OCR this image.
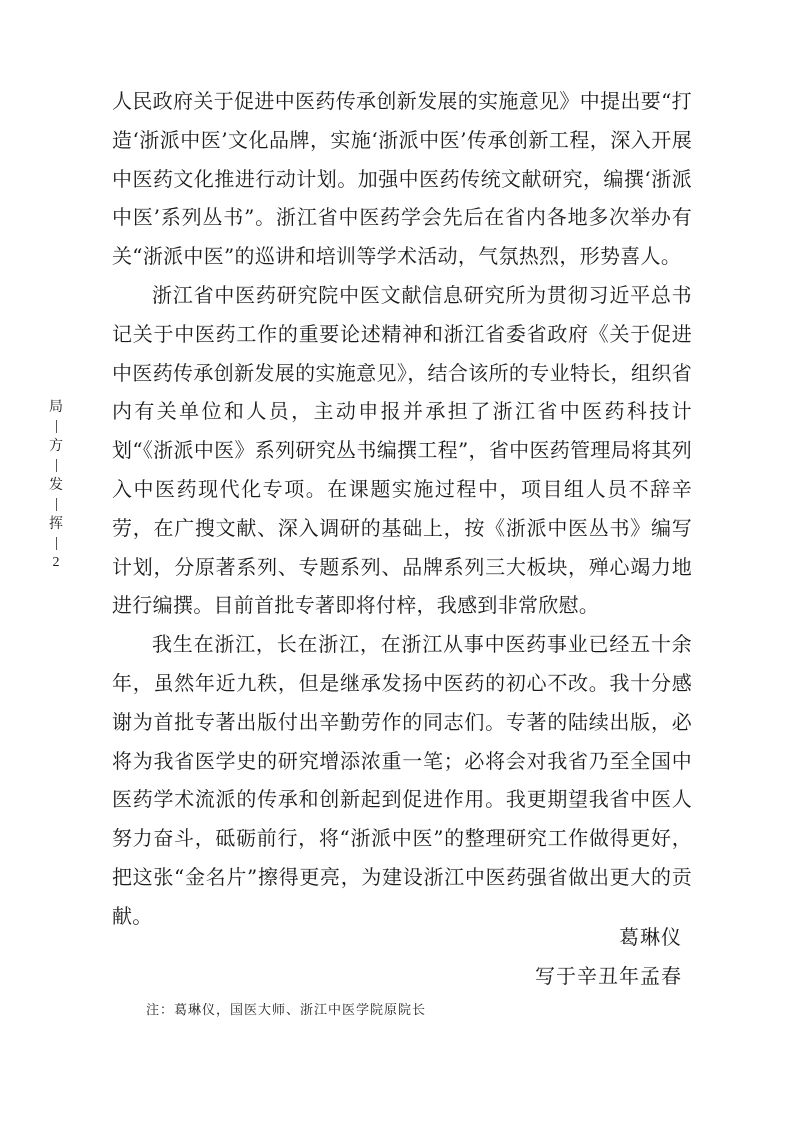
人民政府关于促进中医药传承创新发展的实施意见》中提出要“打造‘浙派中医’文化品牌，实施‘浙派中医’传承创新工程，深入开展中医药文化推进行动计划。加强中医药传统文献研究，编撰‘浙派中医’系列丛书”。浙江省中医药学会先后在省内各地多次举办有关“浙派中医”的巡讲和培训等学术活动，气氛热烈，形势喜人。

浙江省中医药研究院中医文献信息研究所为贯彻习近平总书记关于中医药工作的重要论述精神和浙江省委省政府《关于促进中医药传承创新发展的实施意见》，结合该所的专业特长，组织省内有关单位和人员，主动申报并承担了浙江省中医药科技计划“《浙派中医》系列研究丛书编撰工程”，省中医药管理局将其列入中医药现代化专项。在课题实施过程中，项目组人员不辞辛劳，在广搜文献、深入调研的基础上，按《浙派中医丛书》编写计划，分原著系列、专题系列、品牌系列三大板块，殚心竭力地进行编撰。目前首批专著即将付梓，我感到非常欣慰。

我生在浙江，长在浙江，在浙江从事中医药事业已经五十余年，虽然年近九秩，但是继承发扬中医药的初心不改。我十分感谢为首批专著出版付出辛勤劳作的同志们。专著的陆续出版，必将为我省医学史的研究增添浓重一笔；必将会对我省乃至全国中医药学术流派的传承和创新起到促进作用。我更期望我省中医人努力奋斗，砥砺前行，将“浙派中医”的整理研究工作做得更好，把这张“金名片”擦得更亮，为建设浙江中医药强省做出更大的贡献。

局
方
发
挥
2
葛琳仪
写于辛丑年孟春
注：葛琳仪，国医大师、浙江中医学院原院长
